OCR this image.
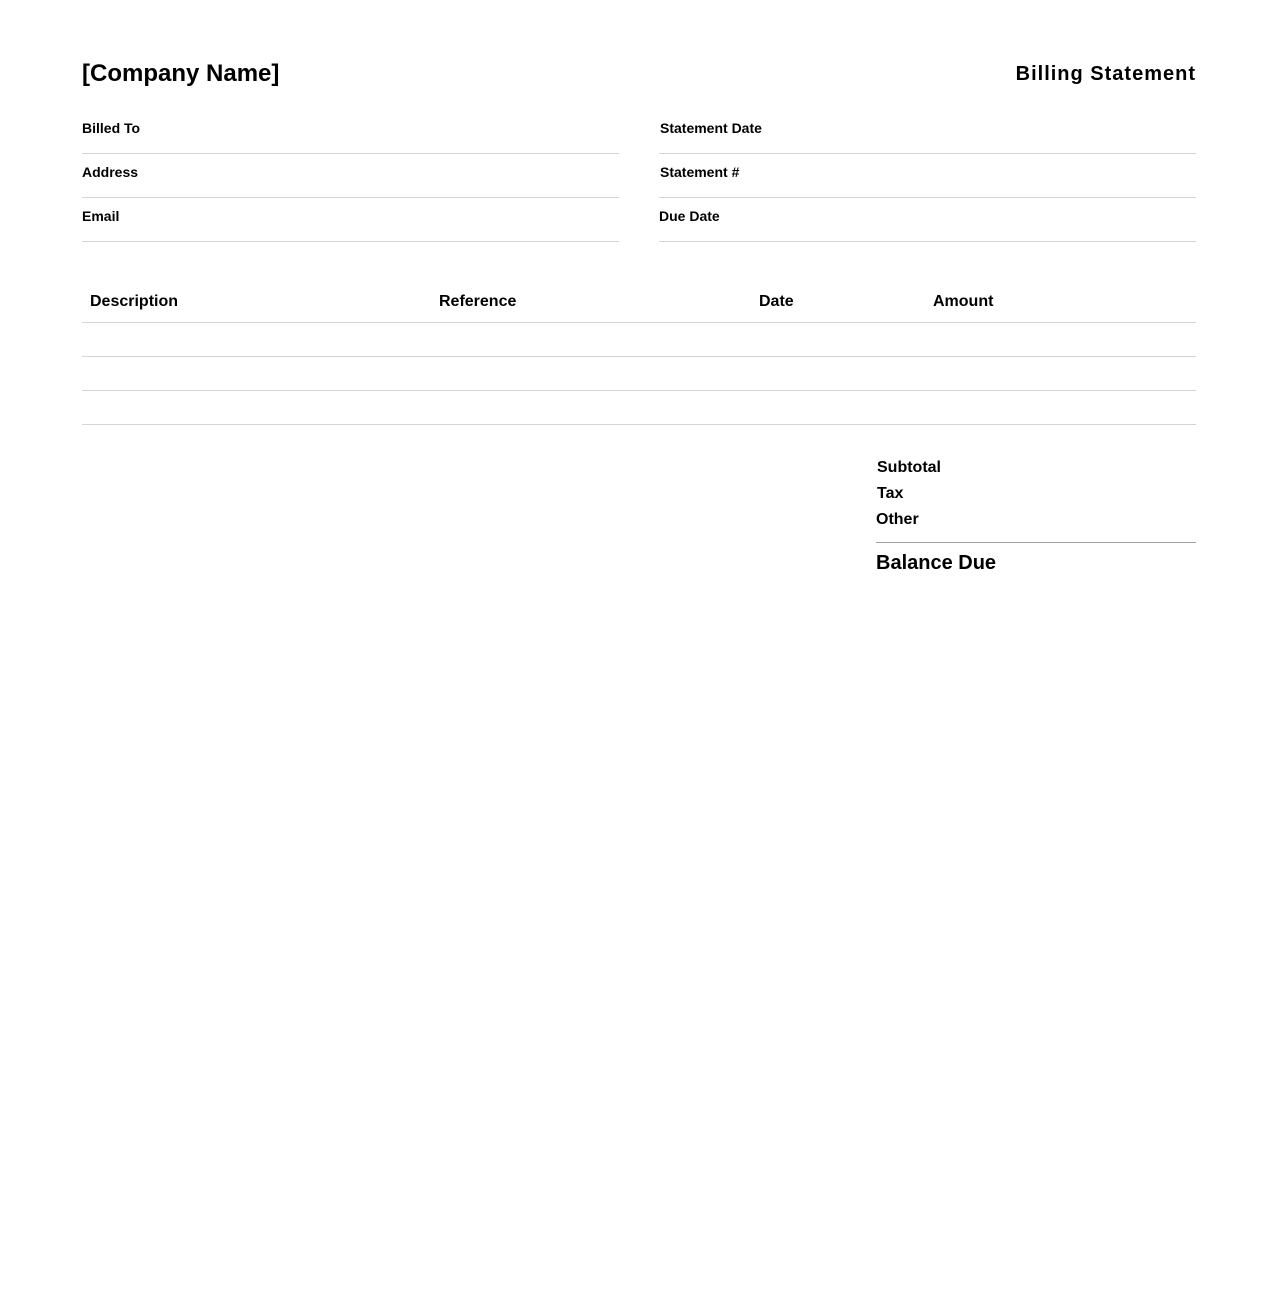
[Company Name]	Billing Statement
Billed To
Address
Email
Statement Date
Statement #
Due Date
Description	Reference	Date	Amount

Subtotal
Tax
Other
Balance Due
